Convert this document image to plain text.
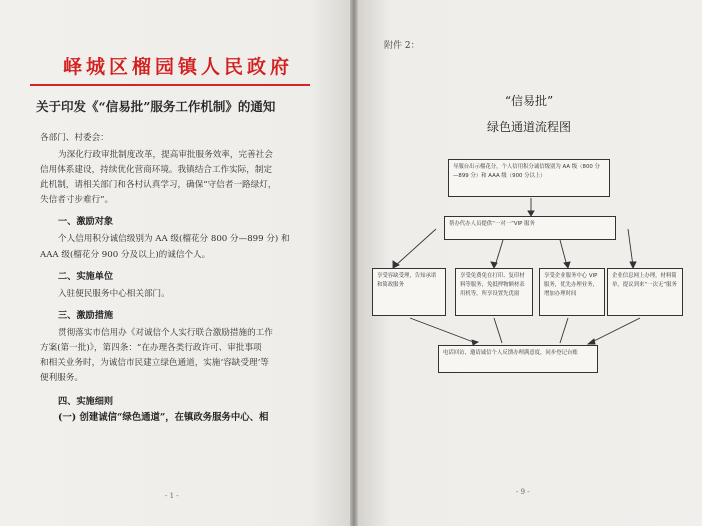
峄城区榴园镇人民政府
关于印发《“信易批”服务工作机制》的通知
各部门、村委会：
为深化行政审批制度改革，提高审批服务效率，完善社会
信用体系建设，持续优化营商环境。我镇结合工作实际，制定
此机制，请相关部门和各村认真学习，确保“守信者一路绿灯，
失信者寸步难行”。
一、激励对象
个人信用积分诚信级别为 AA 级(榴花分 800 分—899 分) 和
AAA 级(榴花分 900 分及以上)的诚信个人。
二、实施单位
入驻便民服务中心相关部门。
三、激励措施
贯彻落实市信用办《对诚信个人实行联合激励措施的工作
方案(第一批)》，第四条：“在办理各类行政许可、审批事项
和相关业务时，为诚信市民建立绿色通道，实施‘容缺受理’等
便利服务。
四、实施细则
(一) 创建诚信“绿色通道”，在镇政务服务中心、相
- 1 -
附件 2：
“信易批”
绿色通道流程图
导服台出示榴花分，个人信用积分诚信级别为 AA 级（800 分—899 分）和 AAA 级（900 分以上）
帮办代办人员提供“一对一”VIP 服务
享受容缺受理，告知承诺和简政服务
享受免费免在打印、复印材料等服务，免抵押物额材表用机等，所享设置先优窗
享受企业服务中心 VIP 服务，优先办理业务，增加办理时间
企业信息网上办理，材料简单，提议到来“一次无”服务
电话回访，邀请诚信个人反馈办理满意度，同步登记台账
- 9 -
